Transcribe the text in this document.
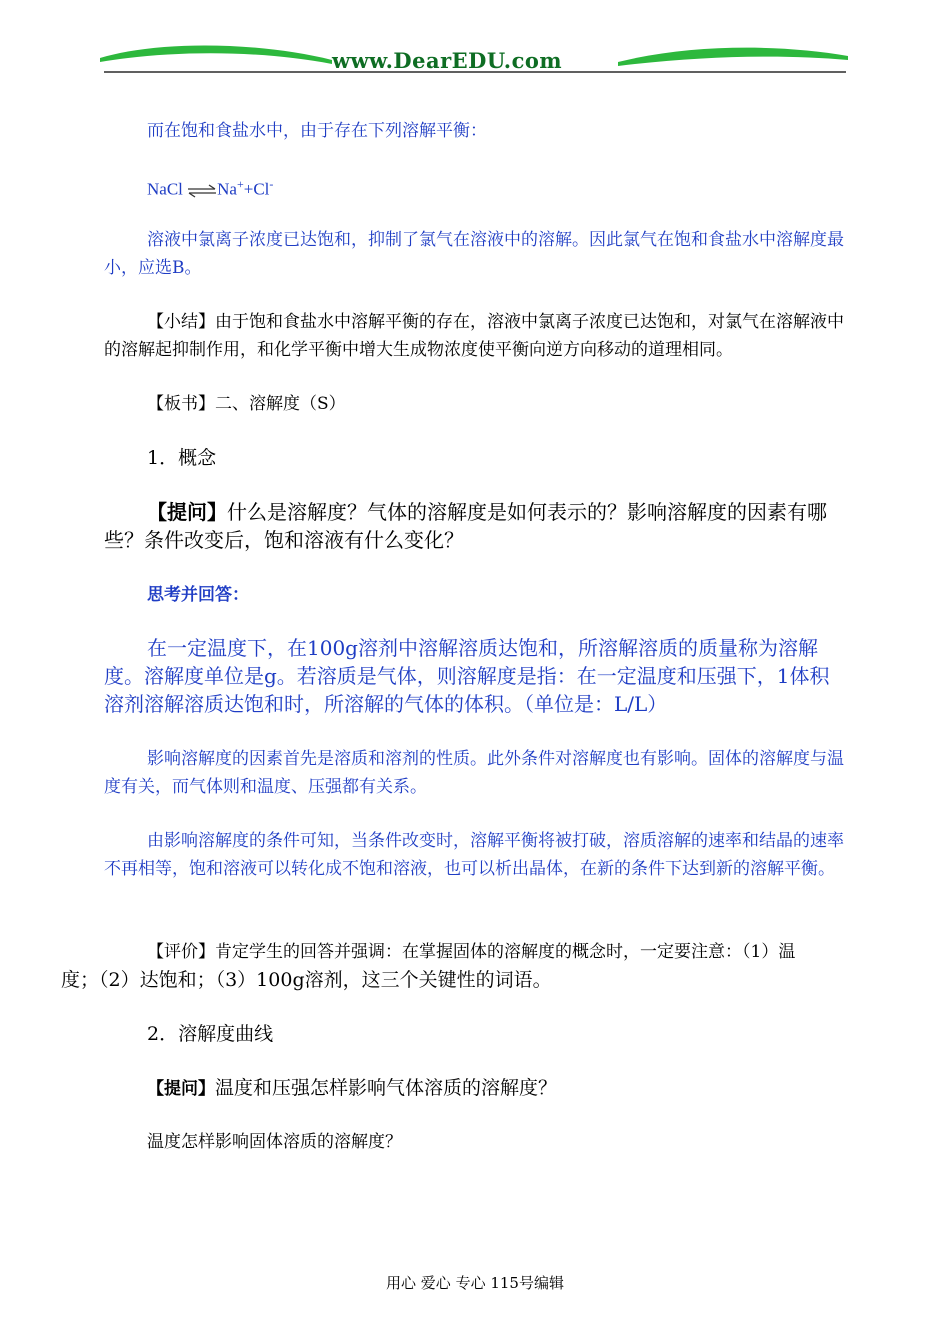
www.DearEDU.com

而在饱和食盐水中，由于存在下列溶解平衡：

NaCl ⇌Na++Cl-

溶液中氯离子浓度已达饱和，抑制了氯气在溶液中的溶解。因此氯气在饱和食盐水中溶解度最小，应选B。

【小结】由于饱和食盐水中溶解平衡的存在，溶液中氯离子浓度已达饱和，对氯气在溶解液中的溶解起抑制作用，和化学平衡中增大生成物浓度使平衡向逆方向移动的道理相同。

【板书】二、溶解度（S）

1．概念

【提问】什么是溶解度？气体的溶解度是如何表示的？影响溶解度的因素有哪些？条件改变后，饱和溶液有什么变化？

思考并回答：

在一定温度下，在100g溶剂中溶解溶质达饱和，所溶解溶质的质量称为溶解度。溶解度单位是g。若溶质是气体，则溶解度是指：在一定温度和压强下，1体积溶剂溶解溶质达饱和时，所溶解的气体的体积。（单位是：L/L）

影响溶解度的因素首先是溶质和溶剂的性质。此外条件对溶解度也有影响。固体的溶解度与温度有关，而气体则和温度、压强都有关系。

由影响溶解度的条件可知，当条件改变时，溶解平衡将被打破，溶质溶解的速率和结晶的速率不再相等，饱和溶液可以转化成不饱和溶液，也可以析出晶体，在新的条件下达到新的溶解平衡。

【评价】肯定学生的回答并强调：在掌握固体的溶解度的概念时，一定要注意：（1）温
度；（2）达饱和；（3）100g溶剂，这三个关键性的词语。

2．溶解度曲线

【提问】温度和压强怎样影响气体溶质的溶解度？

温度怎样影响固体溶质的溶解度？

用心 爱心 专心 115号编辑
